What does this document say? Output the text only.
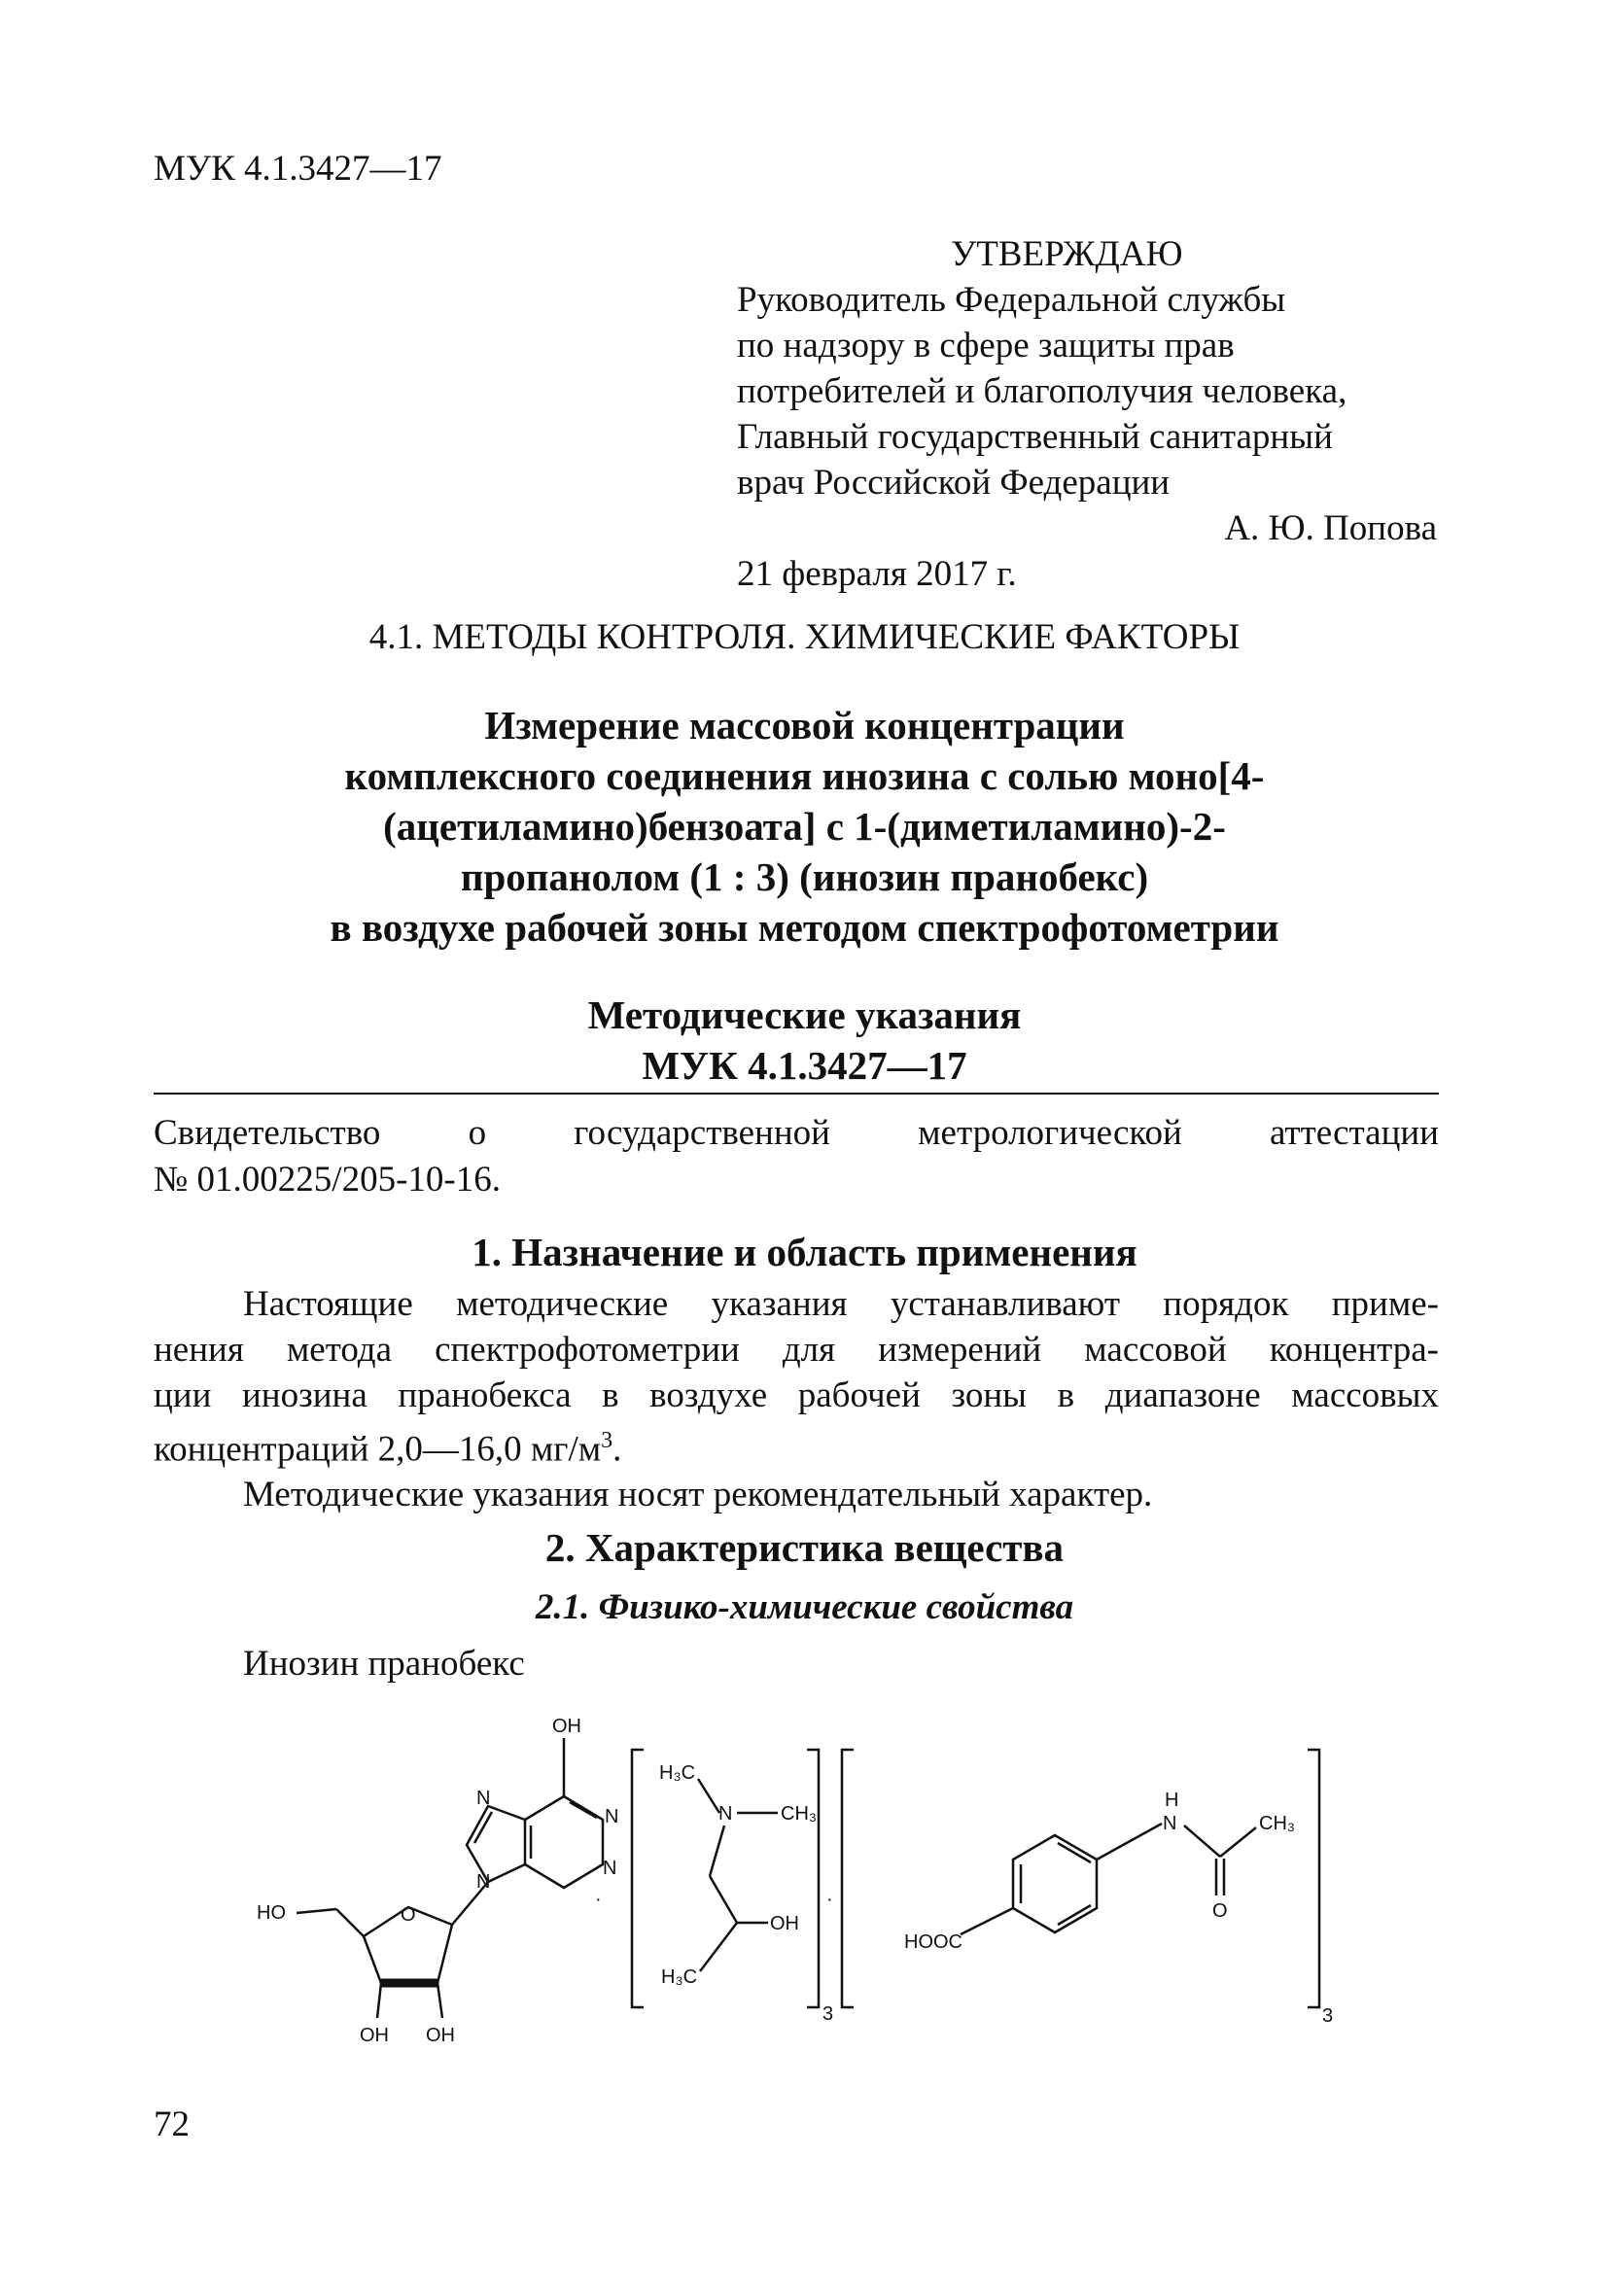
МУК 4.1.3427—17
УТВЕРЖДАЮ
Руководитель Федеральной службы
по надзору в сфере защиты прав
потребителей и благополучия человека,
Главный государственный санитарный
врач Российской Федерации
А. Ю. Попова
21 февраля 2017 г.
4.1. МЕТОДЫ КОНТРОЛЯ. ХИМИЧЕСКИЕ ФАКТОРЫ
Измерение массовой концентрации
комплексного соединения инозина с солью моно[4-
(ацетиламино)бензоата] с 1-(диметиламино)-2-
пропанолом (1 : 3) (инозин пранобекс)
в воздухе рабочей зоны методом спектрофотометрии
Методические указания
МУК 4.1.3427—17
Свидетельство о государственной метрологической аттестации
№ 01.00225/205-10-16.
1. Назначение и область применения
Настоящие методические указания устанавливают порядок приме-
нения метода спектрофотометрии для измерений массовой концентра-
ции инозина пранобекса в воздухе рабочей зоны в диапазоне массовых
концентраций 2,0—16,0 $мг/м^3$.
Методические указания носят рекомендательный характер.
2. Характеристика вещества
2.1. Физико-химические свойства
Инозин пранобекс
OH
N
N
N
N
HO	O
OH OH
·
H₃C
N CH₃
OH
H₃C
3
·
H
N	CH₃
O
HOOC
3
72
